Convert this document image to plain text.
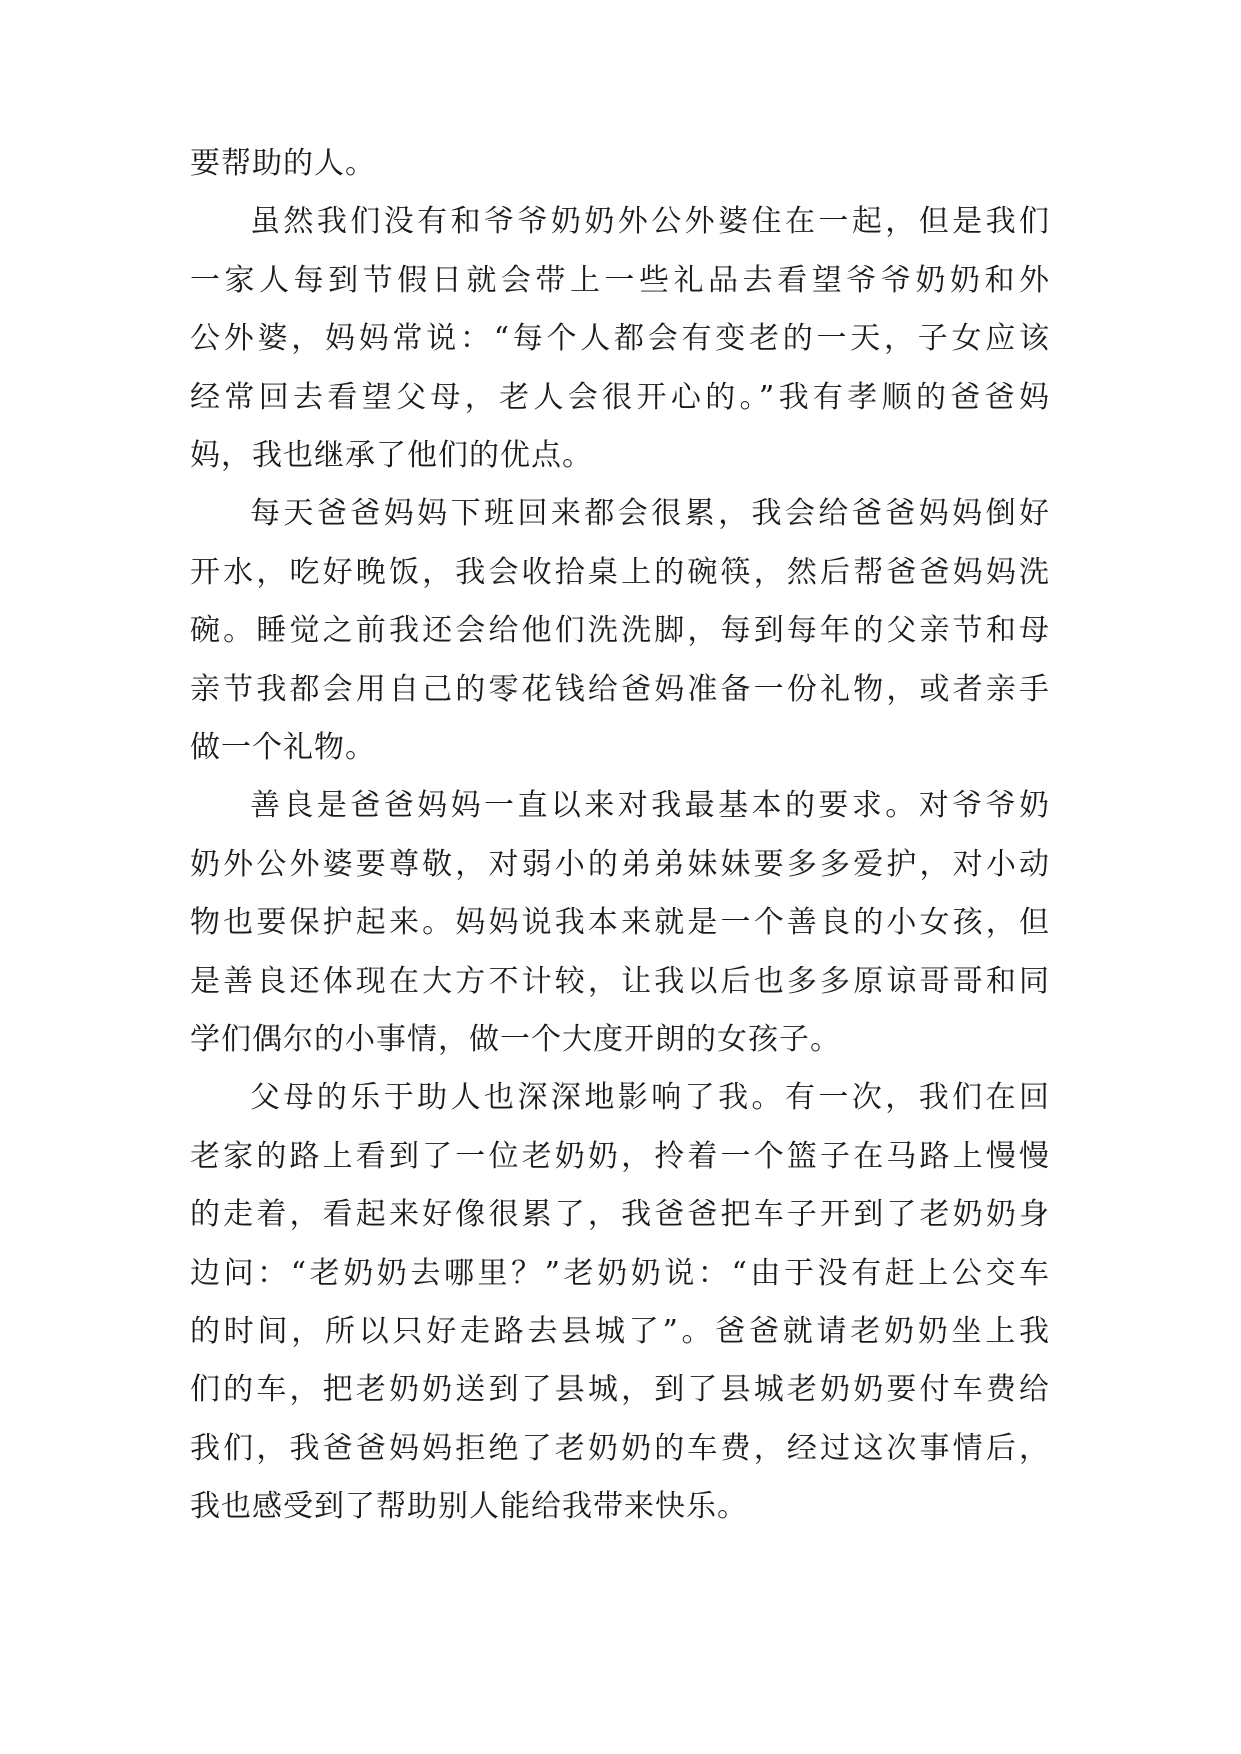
要帮助的人。
虽然我们没有和爷爷奶奶外公外婆住在一起，但是我们
一家人每到节假日就会带上一些礼品去看望爷爷奶奶和外
公外婆，妈妈常说：“每个人都会有变老的一天，子女应该
经常回去看望父母，老人会很开心的。”我有孝顺的爸爸妈
妈，我也继承了他们的优点。
每天爸爸妈妈下班回来都会很累，我会给爸爸妈妈倒好
开水，吃好晚饭，我会收拾桌上的碗筷，然后帮爸爸妈妈洗
碗。睡觉之前我还会给他们洗洗脚，每到每年的父亲节和母
亲节我都会用自己的零花钱给爸妈准备一份礼物，或者亲手
做一个礼物。
善良是爸爸妈妈一直以来对我最基本的要求。对爷爷奶
奶外公外婆要尊敬，对弱小的弟弟妹妹要多多爱护，对小动
物也要保护起来。妈妈说我本来就是一个善良的小女孩，但
是善良还体现在大方不计较，让我以后也多多原谅哥哥和同
学们偶尔的小事情，做一个大度开朗的女孩子。
父母的乐于助人也深深地影响了我。有一次，我们在回
老家的路上看到了一位老奶奶，拎着一个篮子在马路上慢慢
的走着，看起来好像很累了，我爸爸把车子开到了老奶奶身
边问：“老奶奶去哪里？”老奶奶说：“由于没有赶上公交车
的时间，所以只好走路去县城了”。爸爸就请老奶奶坐上我
们的车，把老奶奶送到了县城，到了县城老奶奶要付车费给
我们，我爸爸妈妈拒绝了老奶奶的车费，经过这次事情后，
我也感受到了帮助别人能给我带来快乐。
